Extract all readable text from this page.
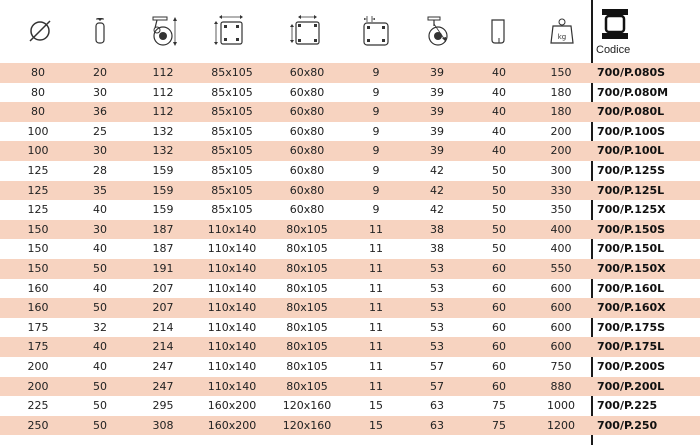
kg
Codice
80	20	112	85x105	60x80	9	39	40	150	700/P.080S
80	30	112	85x105	60x80	9	39	40	180	700/P.080M
80	36	112	85x105	60x80	9	39	40	180	700/P.080L
100	25	132	85x105	60x80	9	39	40	200	700/P.100S
100	30	132	85x105	60x80	9	39	40	200	700/P.100L
125	28	159	85x105	60x80	9	42	50	300	700/P.125S
125	35	159	85x105	60x80	9	42	50	330	700/P.125L
125	40	159	85x105	60x80	9	42	50	350	700/P.125X
150	30	187	110x140	80x105	11	38	50	400	700/P.150S
150	40	187	110x140	80x105	11	38	50	400	700/P.150L
150	50	191	110x140	80x105	11	53	60	550	700/P.150X
160	40	207	110x140	80x105	11	53	60	600	700/P.160L
160	50	207	110x140	80x105	11	53	60	600	700/P.160X
175	32	214	110x140	80x105	11	53	60	600	700/P.175S
175	40	214	110x140	80x105	11	53	60	600	700/P.175L
200	40	247	110x140	80x105	11	57	60	750	700/P.200S
200	50	247	110x140	80x105	11	57	60	880	700/P.200L
225	50	295	160x200	120x160	15	63	75	1000	700/P.225
250	50	308	160x200	120x160	15	63	75	1200	700/P.250
